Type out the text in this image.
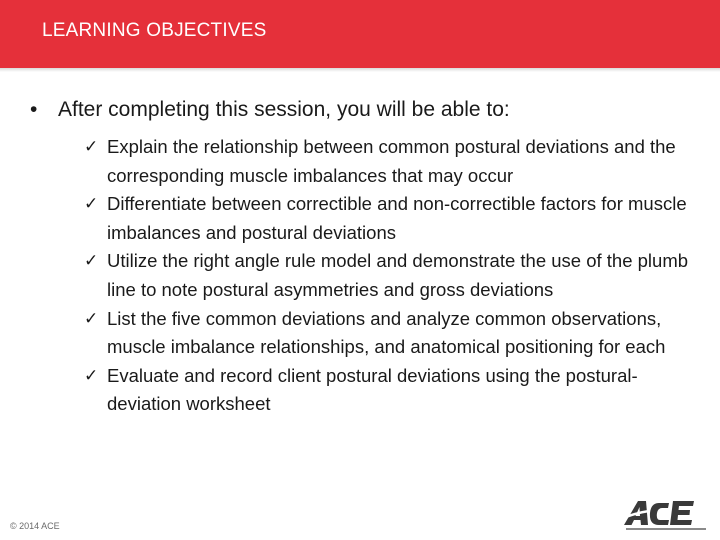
LEARNING OBJECTIVES
• After completing this session, you will be able to:
✓ Explain the relationship between common postural deviations and the corresponding muscle imbalances that may occur
✓ Differentiate between correctible and non-correctible factors for muscle imbalances and postural deviations
✓ Utilize the right angle rule model and demonstrate the use of the plumb line to note postural asymmetries and gross deviations
✓ List the five common deviations and analyze common observations, muscle imbalance relationships, and anatomical positioning for each
✓ Evaluate and record client postural deviations using the postural-deviation worksheet
© 2014 ACE
